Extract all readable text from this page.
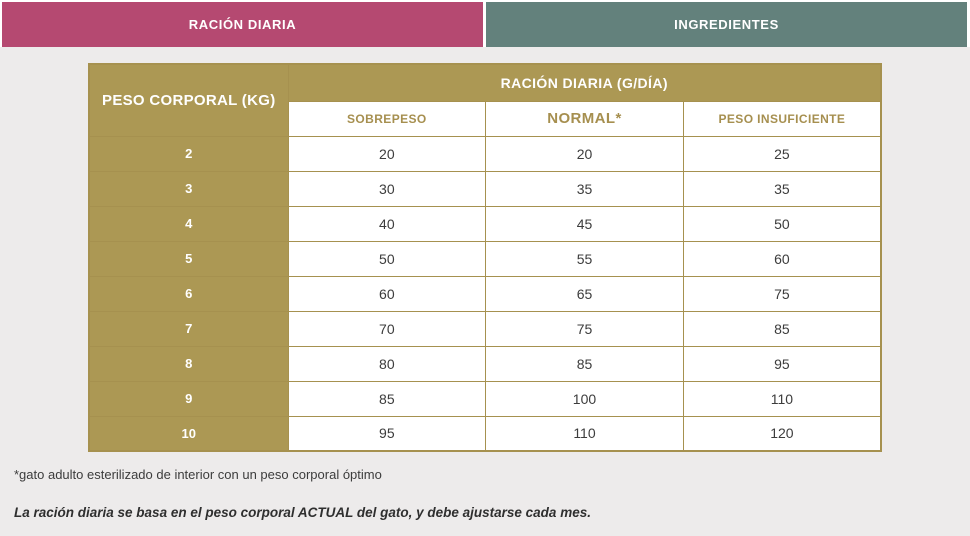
RACIÓN DIARIA	INGREDIENTES
PESO CORPORAL (KG)	RACIÓN DIARIA (G/DÍA)		
	SOBREPESO	NORMAL*	PESO INSUFICIENTE
2	20	20	25
3	30	35	35
4	40	45	50
5	50	55	60
6	60	65	75
7	70	75	85
8	80	85	95
9	85	100	110
10	95	110	120

*gato adulto esterilizado de interior con un peso corporal óptimo

La ración diaria se basa en el peso corporal ACTUAL del gato, y debe ajustarse cada mes.
